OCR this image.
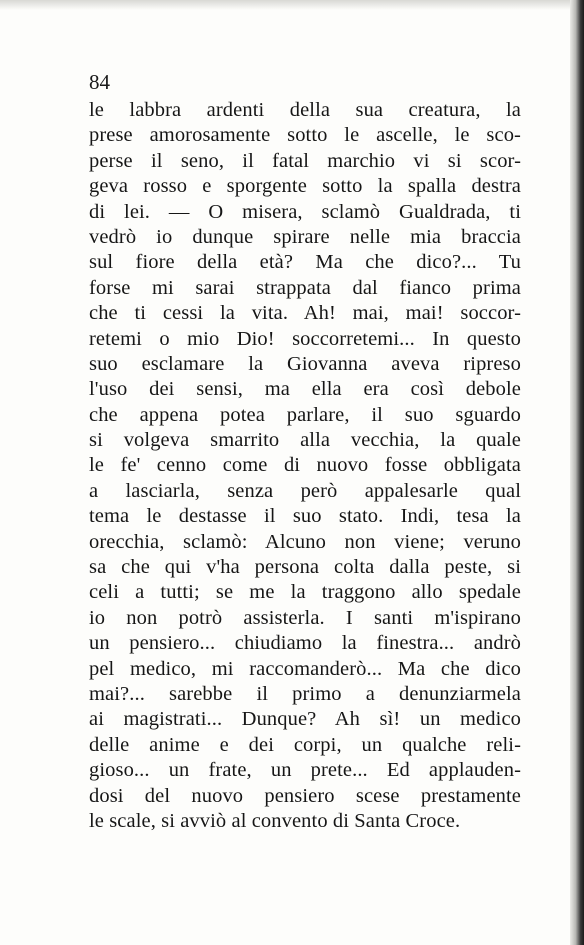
84

le labbra ardenti della sua creatura, la
prese amorosamente sotto le ascelle, le sco-
perse il seno, il fatal marchio vi si scor-
geva rosso e sporgente sotto la spalla destra
di lei. — O misera, sclamò Gualdrada, ti
vedrò io dunque spirare nelle mia braccia
sul fiore della età? Ma che dico?... Tu
forse mi sarai strappata dal fianco prima
che ti cessi la vita. Ah! mai, mai! soccor-
retemi o mio Dio! soccorretemi... In questo
suo esclamare la Giovanna aveva ripreso
l'uso dei sensi, ma ella era così debole
che appena potea parlare, il suo sguardo
si volgeva smarrito alla vecchia, la quale
le fe' cenno come di nuovo fosse obbligata
a lasciarla, senza però appalesarle qual
tema le destasse il suo stato. Indi, tesa la
orecchia, sclamò: Alcuno non viene; veruno
sa che qui v'ha persona colta dalla peste, si
celi a tutti; se me la traggono allo spedale
io non potrò assisterla. I santi m'ispirano
un pensiero... chiudiamo la finestra... andrò
pel medico, mi raccomanderò... Ma che dico
mai?... sarebbe il primo a denunziarmela
ai magistrati... Dunque? Ah sì! un medico
delle anime e dei corpi, un qualche reli-
gioso... un frate, un prete... Ed applauden-
dosi del nuovo pensiero scese prestamente
le scale, si avviò al convento di Santa Croce.
